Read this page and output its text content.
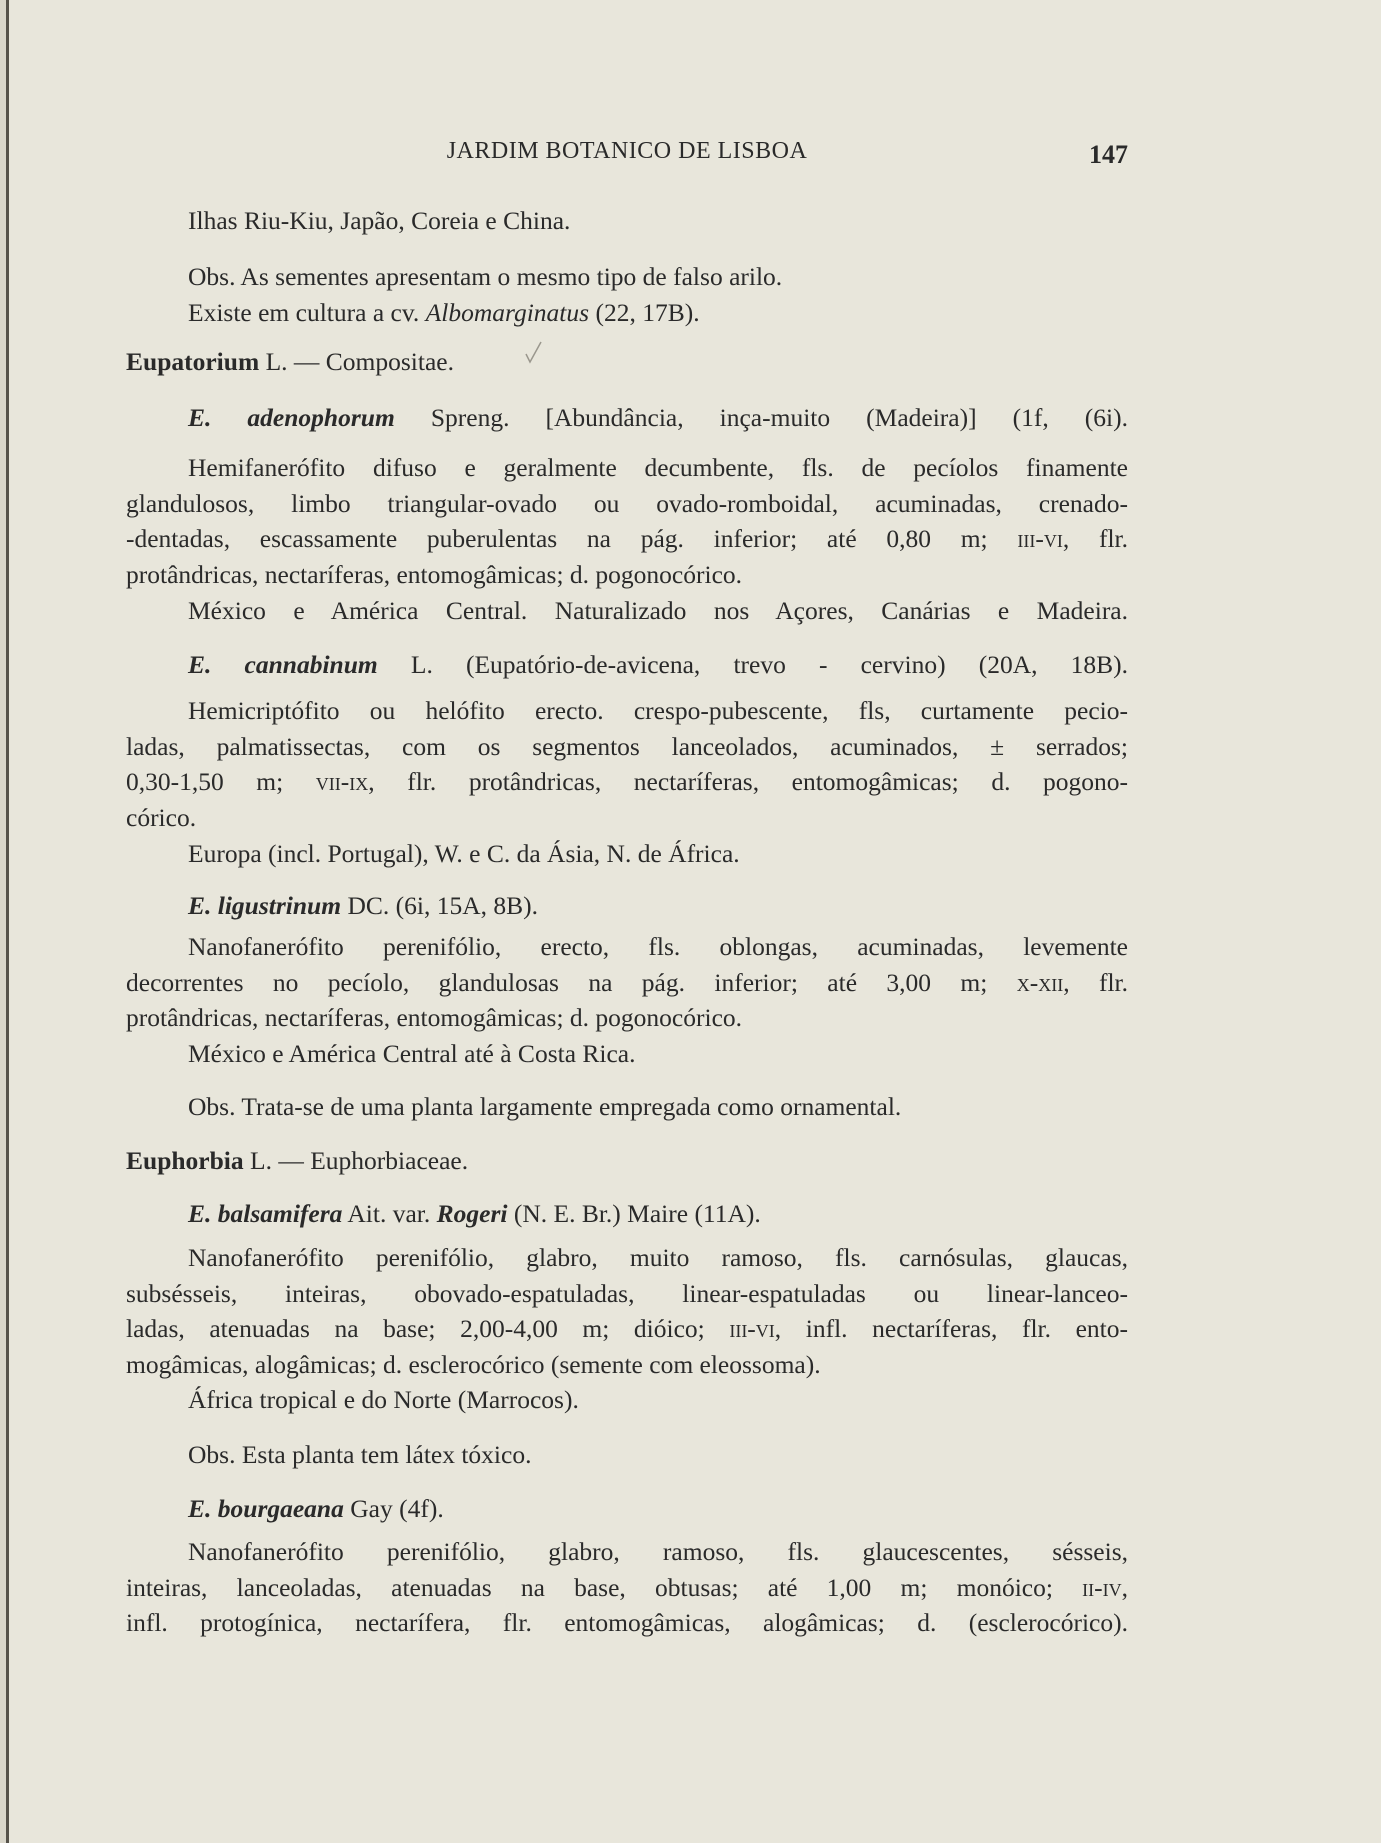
JARDIM BOTANICO DE LISBOA	147
Ilhas Riu-Kiu, Japão, Coreia e China.
Obs. As sementes apresentam o mesmo tipo de falso arilo.
Existe em cultura a cv. Albomarginatus (22, 17B).
Eupatorium L. — Compositae.
E. adenophorum Spreng. [Abundância, inça-muito (Madeira)] (1f, (6i).
Hemifanerófito difuso e geralmente decumbente, fls. de pecíolos finamente
glandulosos, limbo triangular-ovado ou ovado-romboidal, acuminadas, crenado-
-dentadas, escassamente puberulentas na pág. inferior; até 0,80 m; iii-vi, flr.
protândricas, nectaríferas, entomogâmicas; d. pogonocórico.
México e América Central. Naturalizado nos Açores, Canárias e Madeira.
E. cannabinum L. (Eupatório-de-avicena, trevo - cervino) (20A, 18B).
Hemicriptófito ou helófito erecto. crespo-pubescente, fls, curtamente pecio-
ladas, palmatissectas, com os segmentos lanceolados, acuminados, ± serrados;
0,30-1,50 m; vii-ix, flr. protândricas, nectaríferas, entomogâmicas; d. pogono-
córico.
Europa (incl. Portugal), W. e C. da Ásia, N. de África.
E. ligustrinum DC. (6i, 15A, 8B).
Nanofanerófito perenifólio, erecto, fls. oblongas, acuminadas, levemente
decorrentes no pecíolo, glandulosas na pág. inferior; até 3,00 m; x-xii, flr.
protândricas, nectaríferas, entomogâmicas; d. pogonocórico.
México e América Central até à Costa Rica.
Obs. Trata-se de uma planta largamente empregada como ornamental.
Euphorbia L. — Euphorbiaceae.
E. balsamifera Ait. var. Rogeri (N. E. Br.) Maire (11A).
Nanofanerófito perenifólio, glabro, muito ramoso, fls. carnósulas, glaucas,
subsésseis, inteiras, obovado-espatuladas, linear-espatuladas ou linear-lanceo-
ladas, atenuadas na base; 2,00-4,00 m; dióico; iii-vi, infl. nectaríferas, flr. ento-
mogâmicas, alogâmicas; d. esclerocórico (semente com eleossoma).
África tropical e do Norte (Marrocos).
Obs. Esta planta tem látex tóxico.
E. bourgaeana Gay (4f).
Nanofanerófito perenifólio, glabro, ramoso, fls. glaucescentes, sésseis,
inteiras, lanceoladas, atenuadas na base, obtusas; até 1,00 m; monóico; ii-iv,
infl. protogínica, nectarífera, flr. entomogâmicas, alogâmicas; d. (esclerocórico).
